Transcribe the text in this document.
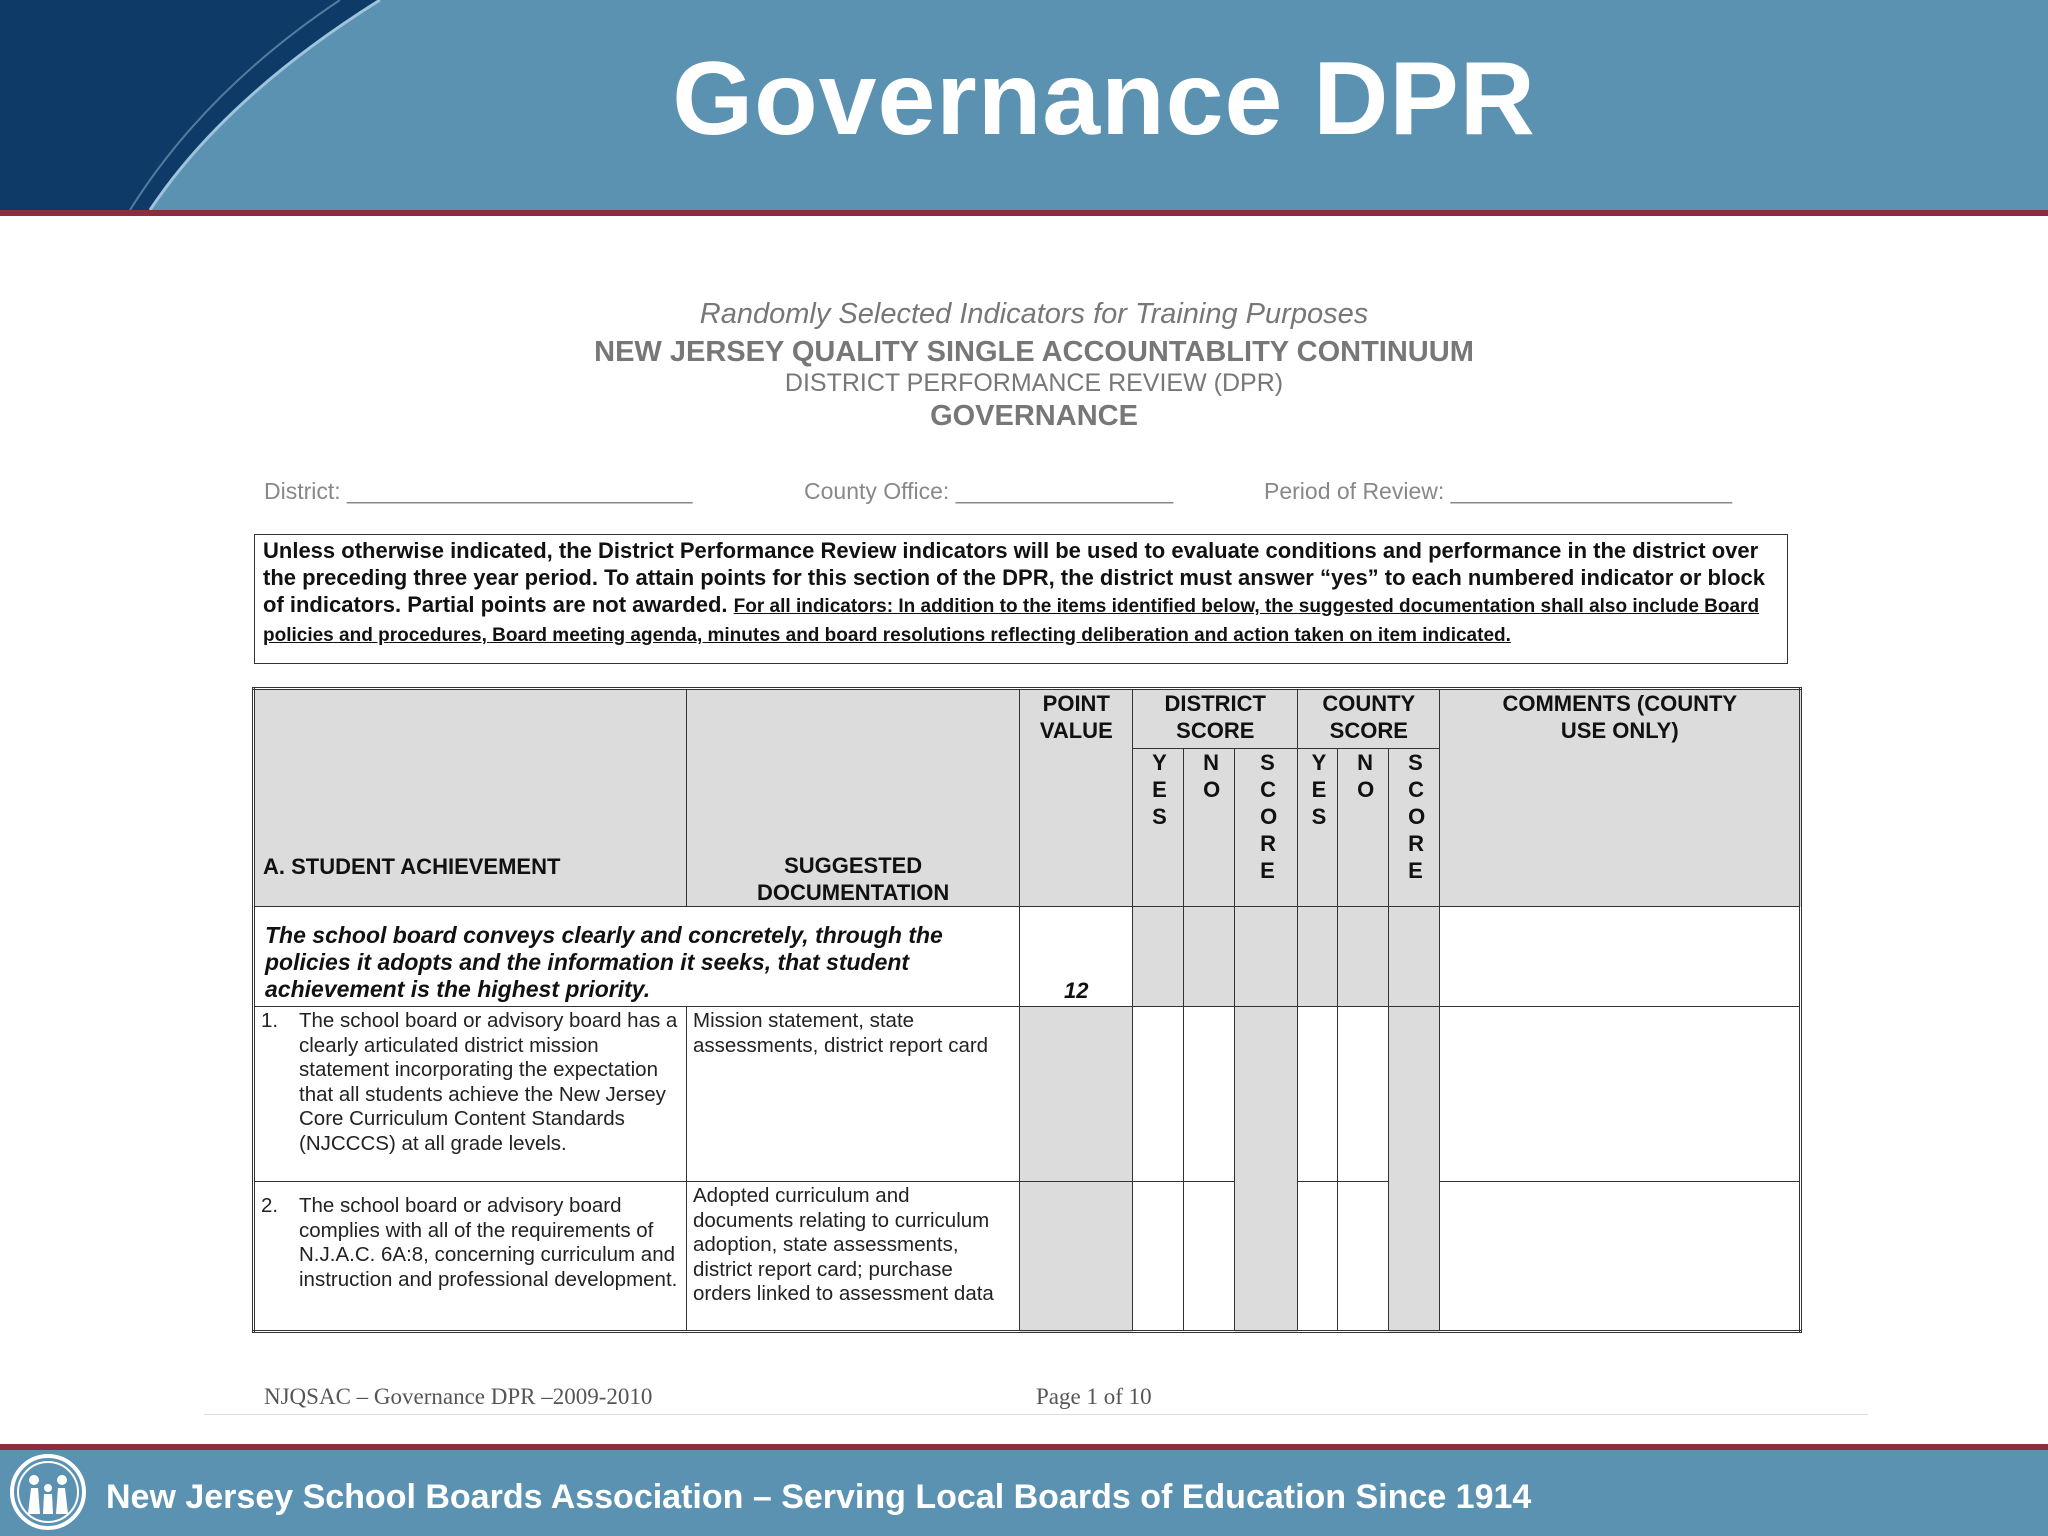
Governance DPR
Randomly Selected Indicators for Training Purposes
NEW JERSEY QUALITY SINGLE ACCOUNTABLITY CONTINUUM
DISTRICT PERFORMANCE REVIEW (DPR)
GOVERNANCE
District: ___________________________	County Office: _________________	Period of Review: ______________________
Unless otherwise indicated, the District Performance Review indicators will be used to evaluate conditions and performance in the district over the preceding three year period. To attain points for this section of the DPR, the district must answer “yes” to each numbered indicator or block of indicators. Partial points are not awarded. For all indicators: In addition to the items identified below, the suggested documentation shall also include Board policies and procedures, Board meeting agenda, minutes and board resolutions reflecting deliberation and action taken on item indicated.
A. STUDENT ACHIEVEMENT	SUGGESTED DOCUMENTATION	POINT VALUE	DISTRICT SCORE			COUNTY SCORE			COMMENTS (COUNTY USE ONLY)

			YES	NO	SCORE	YES	NO	SCORE	

The school board conveys clearly and concretely, through the policies it adopts and the information it seeks, that student achievement is the highest priority.		12							

1. The school board or advisory board has a clearly articulated district mission statement incorporating the expectation that all students achieve the New Jersey Core Curriculum Content Standards (NJCCCS) at all grade levels.	Mission statement, state assessments, district report card								

2. The school board or advisory board complies with all of the requirements of N.J.A.C. 6A:8, concerning curriculum and instruction and professional development.	Adopted curriculum and documents relating to curriculum adoption, state assessments, district report card; purchase orders linked to assessment data								

NJQSAC – Governance DPR –2009-2010	Page 1 of 10
New Jersey School Boards Association – Serving Local Boards of Education Since 1914
